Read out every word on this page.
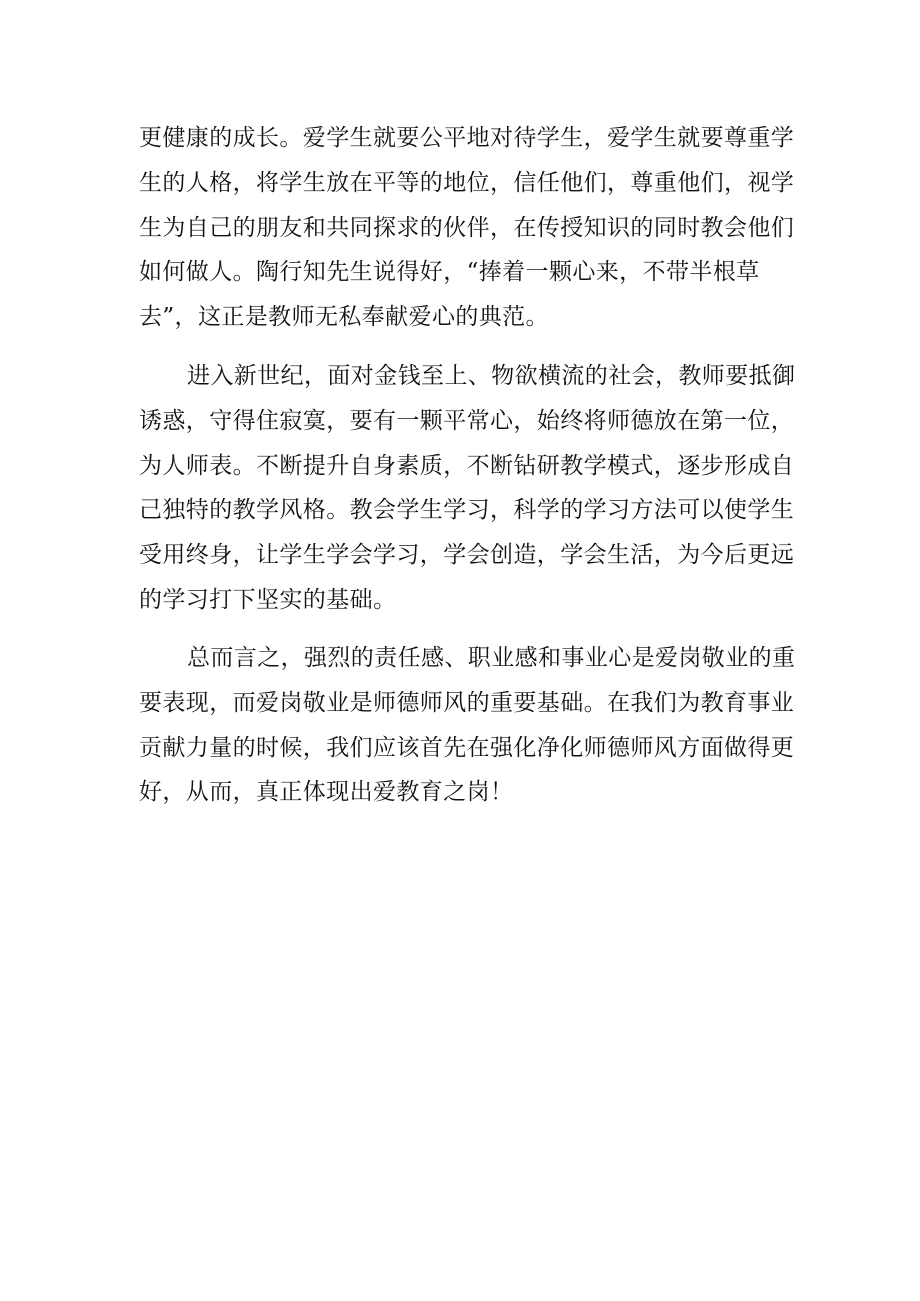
更健康的成长。爱学生就要公平地对待学生，爱学生就要尊重学
生的人格，将学生放在平等的地位，信任他们，尊重他们，视学
生为自己的朋友和共同探求的伙伴，在传授知识的同时教会他们
如何做人。陶行知先生说得好，“捧着一颗心来，不带半根草
去”，这正是教师无私奉献爱心的典范。
进入新世纪，面对金钱至上、物欲横流的社会，教师要抵御
诱惑，守得住寂寞，要有一颗平常心，始终将师德放在第一位，
为人师表。不断提升自身素质，不断钻研教学模式，逐步形成自
己独特的教学风格。教会学生学习，科学的学习方法可以使学生
受用终身，让学生学会学习，学会创造，学会生活，为今后更远
的学习打下坚实的基础。
总而言之，强烈的责任感、职业感和事业心是爱岗敬业的重
要表现，而爱岗敬业是师德师风的重要基础。在我们为教育事业
贡献力量的时候，我们应该首先在强化净化师德师风方面做得更
好，从而，真正体现出爱教育之岗！
